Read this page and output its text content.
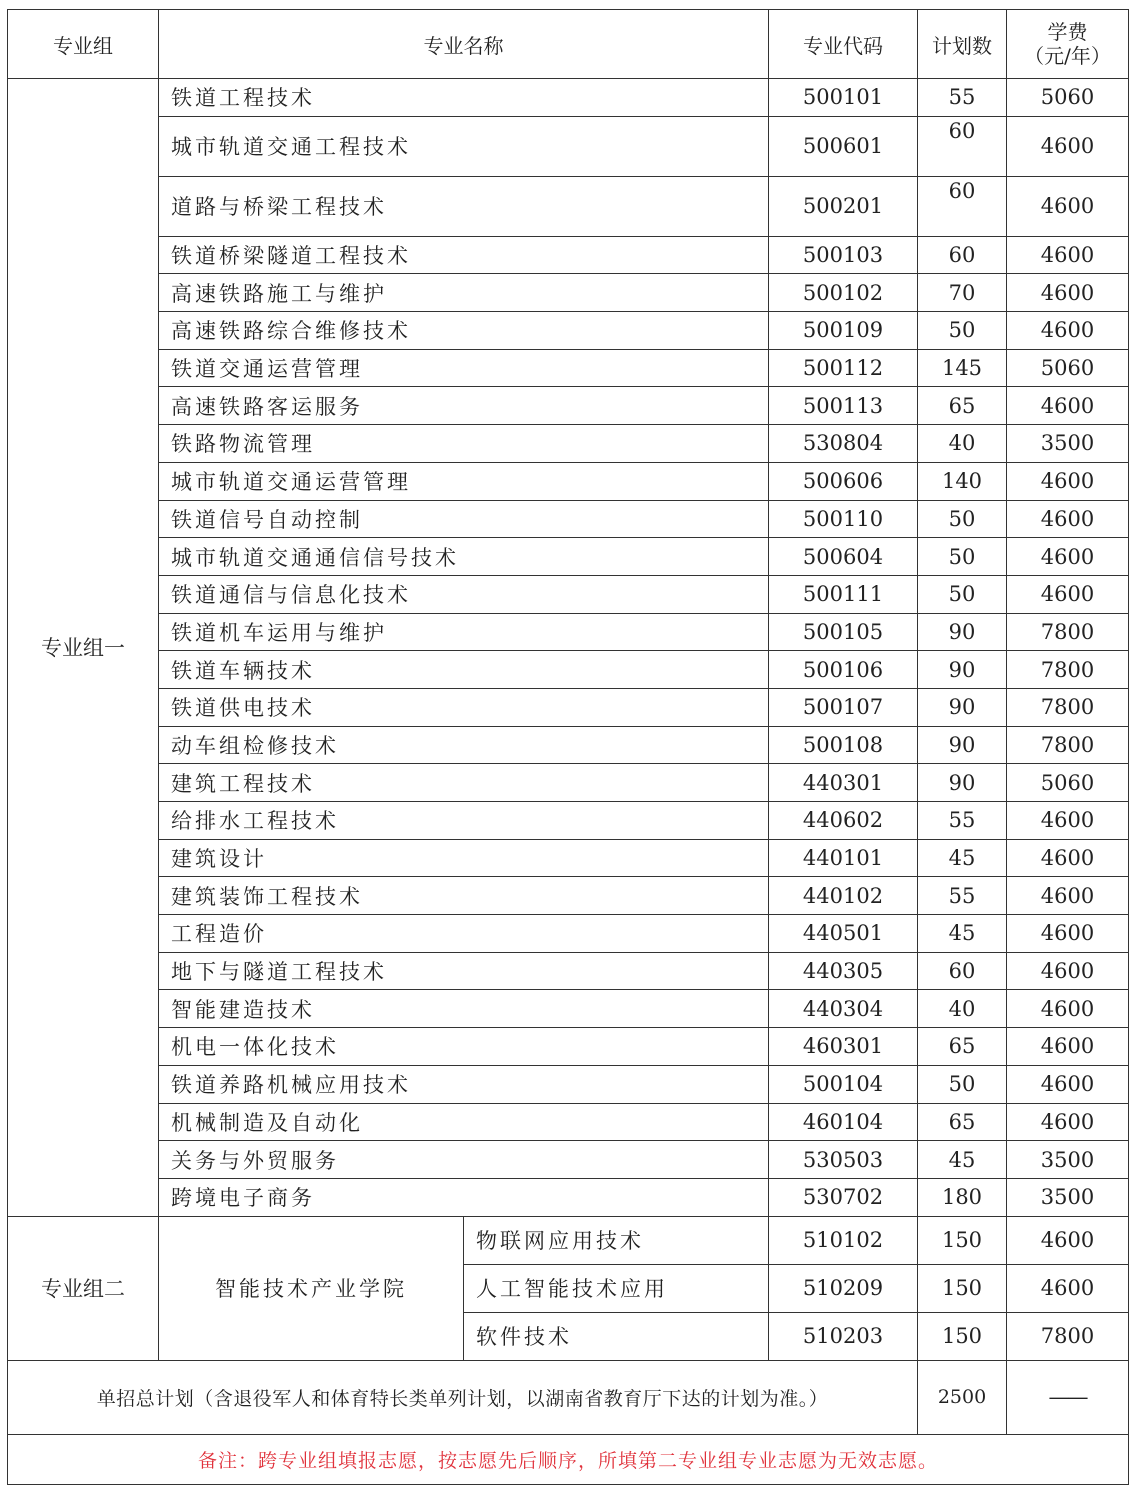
专业组	专业名称		专业代码	计划数	学费
（元/年）

专业组一	铁道工程技术		500101	55	5060
	城市轨道交通工程技术		500601	60	4600
	道路与桥梁工程技术		500201	60	4600
	铁道桥梁隧道工程技术		500103	60	4600
	高速铁路施工与维护		500102	70	4600
	高速铁路综合维修技术		500109	50	4600
	铁道交通运营管理		500112	145	5060
	高速铁路客运服务		500113	65	4600
	铁路物流管理		530804	40	3500
	城市轨道交通运营管理		500606	140	4600
	铁道信号自动控制		500110	50	4600
	城市轨道交通通信信号技术		500604	50	4600
	铁道通信与信息化技术		500111	50	4600
	铁道机车运用与维护		500105	90	7800
	铁道车辆技术		500106	90	7800
	铁道供电技术		500107	90	7800
	动车组检修技术		500108	90	7800
	建筑工程技术		440301	90	5060
	给排水工程技术		440602	55	4600
	建筑设计		440101	45	4600
	建筑装饰工程技术		440102	55	4600
	工程造价		440501	45	4600
	地下与隧道工程技术		440305	60	4600
	智能建造技术		440304	40	4600
	机电一体化技术		460301	65	4600
	铁道养路机械应用技术		500104	50	4600
	机械制造及自动化		460104	65	4600
	关务与外贸服务		530503	45	3500
	跨境电子商务		530702	180	3500
专业组二	智能技术产业学院	物联网应用技术	510102	150	4600
		人工智能技术应用	510209	150	4600
		软件技术	510203	150	7800
单招总计划（含退役军人和体育特长类单列计划，以湖南省教育厅下达的计划为准。）				2500	——
备注：跨专业组填报志愿，按志愿先后顺序，所填第二专业组专业志愿为无效志愿。					
